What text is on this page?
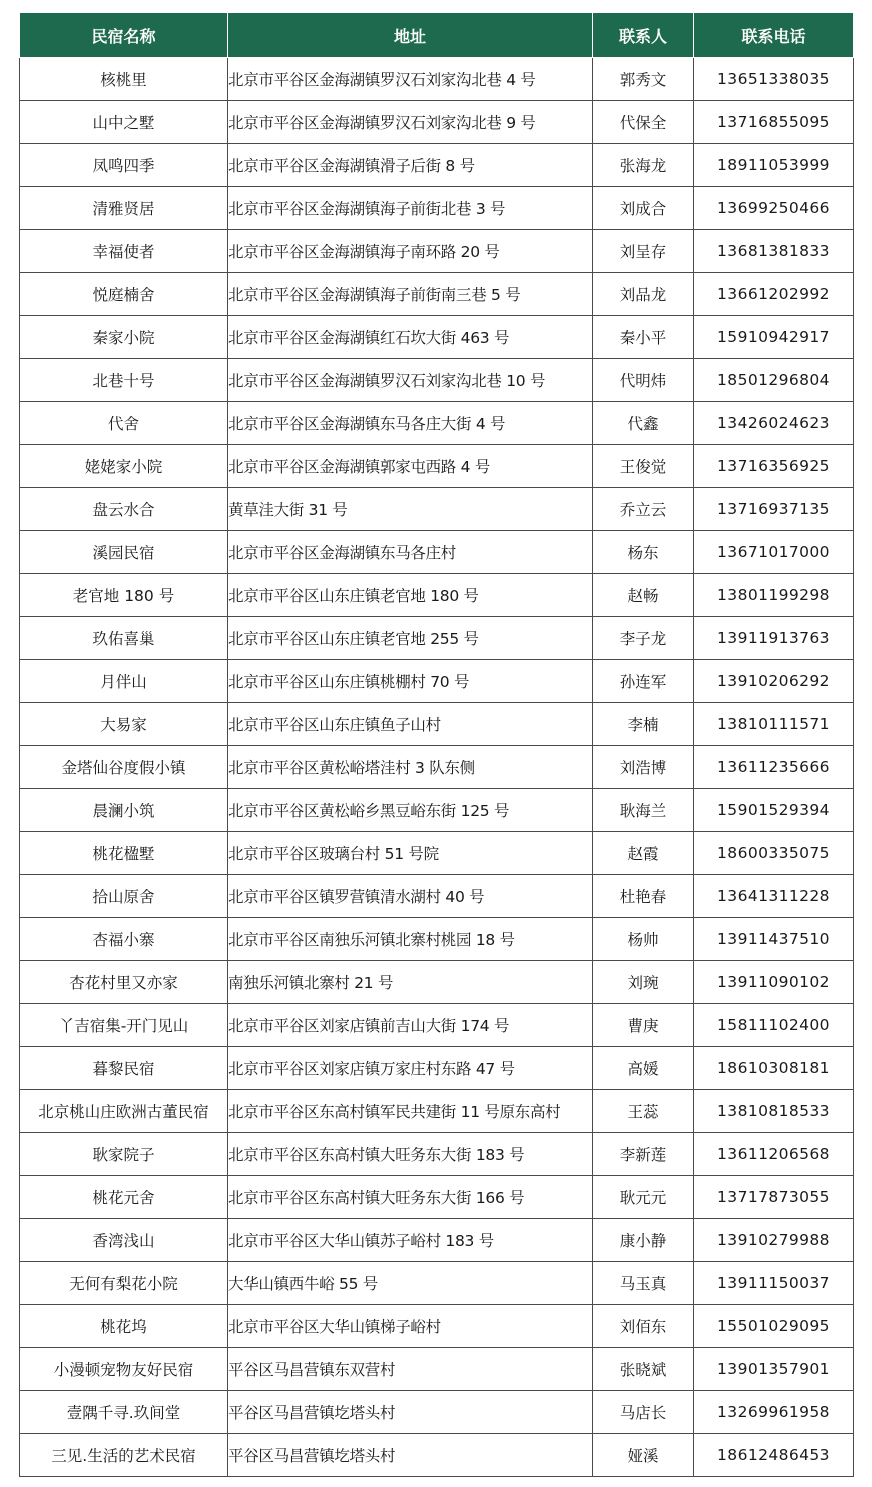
民宿名称	地址	联系人	联系电话
核桃里	北京市平谷区金海湖镇罗汉石刘家沟北巷 4 号	郭秀文	13651338035
山中之墅	北京市平谷区金海湖镇罗汉石刘家沟北巷 9 号	代保全	13716855095
凤鸣四季	北京市平谷区金海湖镇滑子后街 8 号	张海龙	18911053999
清雅贤居	北京市平谷区金海湖镇海子前街北巷 3 号	刘成合	13699250466
幸福使者	北京市平谷区金海湖镇海子南环路 20 号	刘呈存	13681381833
悦庭楠舍	北京市平谷区金海湖镇海子前街南三巷 5 号	刘品龙	13661202992
秦家小院	北京市平谷区金海湖镇红石坎大街 463 号	秦小平	15910942917
北巷十号	北京市平谷区金海湖镇罗汉石刘家沟北巷 10 号	代明炜	18501296804
代舍	北京市平谷区金海湖镇东马各庄大街 4 号	代鑫	13426024623
姥姥家小院	北京市平谷区金海湖镇郭家屯西路 4 号	王俊觉	13716356925
盘云水合	黄草洼大街 31 号	乔立云	13716937135
溪园民宿	北京市平谷区金海湖镇东马各庄村	杨东	13671017000
老官地 180 号	北京市平谷区山东庄镇老官地 180 号	赵畅	13801199298
玖佑喜巢	北京市平谷区山东庄镇老官地 255 号	李子龙	13911913763
月伴山	北京市平谷区山东庄镇桃棚村 70 号	孙连军	13910206292
大易家	北京市平谷区山东庄镇鱼子山村	李楠	13810111571
金塔仙谷度假小镇	北京市平谷区黄松峪塔洼村 3 队东侧	刘浩博	13611235666
晨澜小筑	北京市平谷区黄松峪乡黑豆峪东街 125 号	耿海兰	15901529394
桃花楹墅	北京市平谷区玻璃台村 51 号院	赵霞	18600335075
拾山原舍	北京市平谷区镇罗营镇清水湖村 40 号	杜艳春	13641311228
杏福小寨	北京市平谷区南独乐河镇北寨村桃园 18 号	杨帅	13911437510
杏花村里又亦家	南独乐河镇北寨村 21 号	刘琬	13911090102
丫吉宿集-开门见山	北京市平谷区刘家店镇前吉山大街 174 号	曹庚	15811102400
暮黎民宿	北京市平谷区刘家店镇万家庄村东路 47 号	高媛	18610308181
北京桃山庄欧洲古董民宿	北京市平谷区东高村镇军民共建街 11 号原东高村	王蕊	13810818533
耿家院子	北京市平谷区东高村镇大旺务东大街 183 号	李新莲	13611206568
桃花元舍	北京市平谷区东高村镇大旺务东大街 166 号	耿元元	13717873055
香湾浅山	北京市平谷区大华山镇苏子峪村 183 号	康小静	13910279988
无何有梨花小院	大华山镇西牛峪 55 号	马玉真	13911150037
桃花坞	北京市平谷区大华山镇梯子峪村	刘佰东	15501029095
小漫顿宠物友好民宿	平谷区马昌营镇东双营村	张晓斌	13901357901
壹隅千寻.玖间堂	平谷区马昌营镇圪塔头村	马店长	13269961958
三见.生活的艺术民宿	平谷区马昌营镇圪塔头村	娅溪	18612486453
